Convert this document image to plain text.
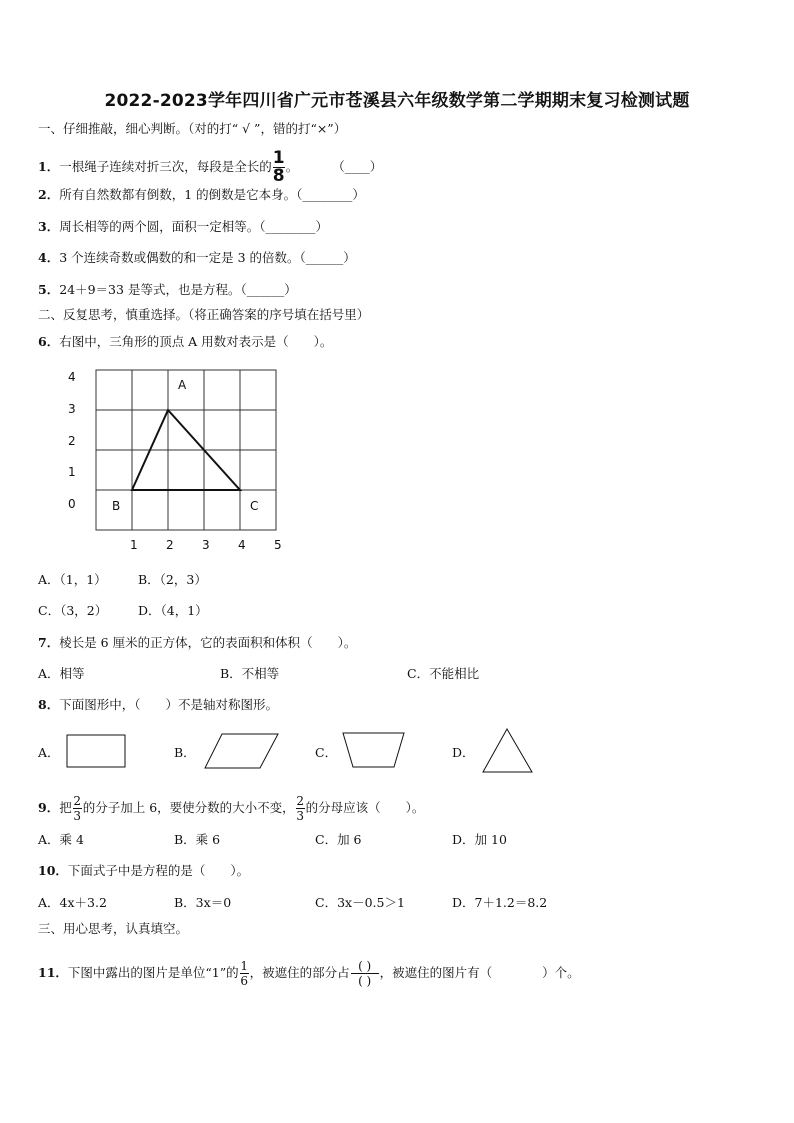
2022-2023学年四川省广元市苍溪县六年级数学第二学期期末复习检测试题
一、仔细推敲，细心判断。（对的打“ √ ”，错的打“×”）
1．一根绳子连续对折三次，每段是全长的 $\frac{1}{8}$ 。	（____）
2．所有自然数都有倒数，1 的倒数是它本身。（________）
3．周长相等的两个圆，面积一定相等。（________）
4．3 个连续奇数或偶数的和一定是 3 的倍数。（______）
5．24＋9＝33 是等式，也是方程。（______）
二、反复思考，慎重选择。（将正确答案的序号填在括号里）
6．右图中，三角形的顶点 A 用数对表示是（　　）。
4
3
2
1
0
1 2 3 4 5
A
B	C
A．（1，1）	B．（2，3）
C．（3，2） D．（4，1）
7．棱长是 6 厘米的正方体，它的表面积和体积（　　）。
A．相等	B．不相等	C．不能相比
8．下面图形中，（　　）不是轴对称图形。
A．	B．	C．	D．
9．把 $\frac{2}{3}$ 的分子加上 6，要使分数的大小不变， $\frac{2}{3}$ 的分母应该（　　）。
A．乘 4	B．乘 6	C．加 6	D．加 10
10．下面式子中是方程的是（　　）。
A．4x＋3.2	B．3x＝0	C．3x－0.5＞1	D．7＋1.2＝8.2
三、用心思考，认真填空。
11．下图中露出的图片是单位“1”的 $\frac{1}{6}$ ，被遮住的部分占 $\frac{( )}{( )}$ ，被遮住的图片有（　　　　）个。
